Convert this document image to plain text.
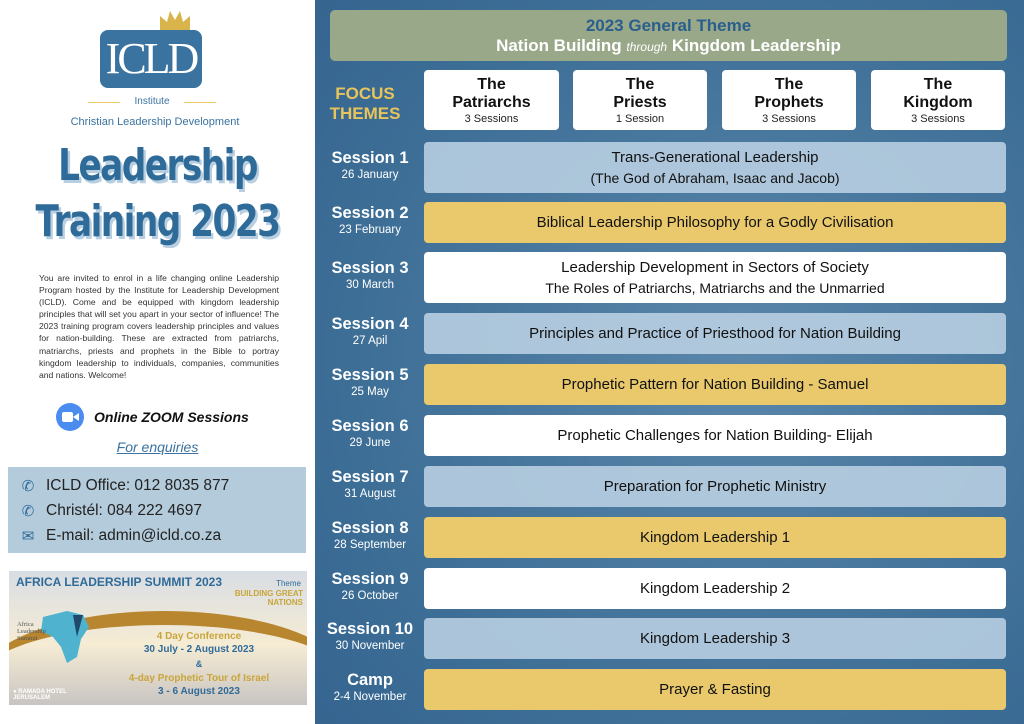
ICLD
Institute
Christian Leadership Development
Leadership
Training 2023

You are invited to enrol in a life changing online Leadership Program hosted by the Institute for Leadership Development (ICLD). Come and be equipped with kingdom leadership principles that will set you apart in your sector of influence! The 2023 training program covers leadership principles and values for nation-building. These are extracted from patriarchs, matriarchs, priests and prophets in the Bible to portray kingdom leadership to individuals, companies, communities and nations. Welcome!

Online ZOOM Sessions
For enquiries
✆ ICLD Office: 012 8035 877
✆ Christél: 084 222 4697
✉ E-mail: admin@icld.co.za
AFRICA LEADERSHIP SUMMIT 2023	Theme
BUILDING GREAT NATIONS
Africa Leadership Summit	4 Day Conference
30 July - 2 August 2023
&
4-day Prophetic Tour of Israel
3 - 6 August 2023
● RAMADA HOTEL JERUSALEM
2023 General Theme
Nation Building through Kingdom Leadership
FOCUS
THEMES
The
Patriarchs
3 Sessions
The
Priests
1 Session
The
Prophets
3 Sessions
The
Kingdom
3 Sessions
Session 1
26 January
Trans-Generational Leadership
(The God of Abraham, Isaac and Jacob)
Session 2
23 February	Biblical Leadership Philosophy for a Godly Civilisation
Session 3
30 March
Leadership Development in Sectors of Society
The Roles of Patriarchs, Matriarchs and the Unmarried
Session 4
27 Apil	Principles and Practice of Priesthood for Nation Building
Session 5
25 May	Prophetic Pattern for Nation Building - Samuel
Session 6
29 June	Prophetic Challenges for Nation Building- Elijah
Session 7
31 August	Preparation for Prophetic Ministry
Session 8
28 September	Kingdom Leadership 1
Session 9
26 October	Kingdom Leadership 2
Session 10
30 November	Kingdom Leadership 3
Camp
2-4 November	Prayer & Fasting
